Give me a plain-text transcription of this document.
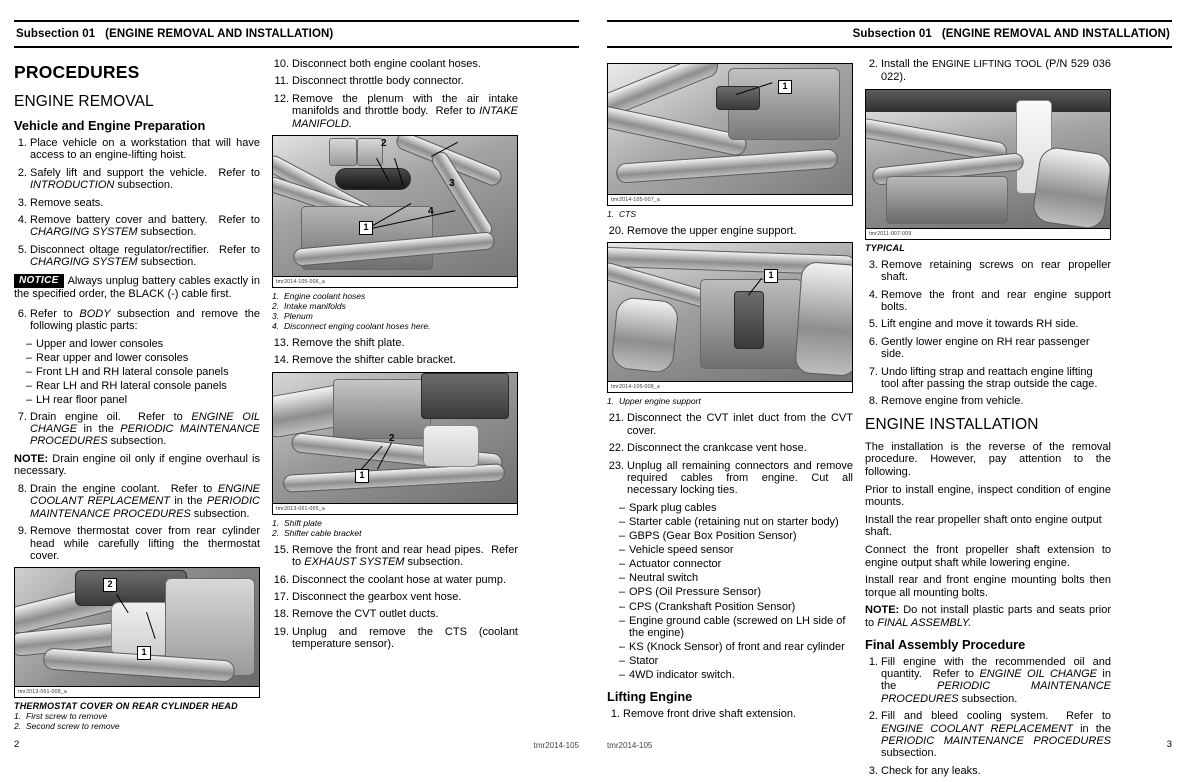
Subsection 01 (ENGINE REMOVAL AND INSTALLATION)
PROCEDURES
ENGINE REMOVAL
Vehicle and Engine Preparation
1. Place vehicle on a workstation that will have access to an engine-lifting hoist.
2. Safely lift and support the vehicle.  Refer to INTRODUCTION subsection.
3. Remove seats.
4. Remove battery cover and battery.  Refer to CHARGING SYSTEM subsection.
5. Disconnect oltage regulator/rectifier.  Refer to CHARGING SYSTEM subsection.
NOTICE Always unplug battery cables exactly in the specified order, the BLACK (-) cable first.
6. Refer to BODY subsection and remove the following plastic parts:
– Upper and lower consoles
– Rear upper and lower consoles
– Front LH and RH lateral console panels
– Rear LH and RH lateral console panels
– LH rear floor panel
7. Drain engine oil.  Refer to ENGINE OIL CHANGE in the PERIODIC MAINTENANCE PROCEDURES subsection.
NOTE: Drain engine oil only if engine overhaul is necessary.
8. Drain the engine coolant.  Refer to ENGINE COOLANT REPLACEMENT in the PERIODIC MAINTENANCE PROCEDURES subsection.
9. Remove thermostat cover from rear cylinder head while carefully lifting the thermostat cover.
2
1
tmr2013-061-008_a
THERMOSTAT COVER ON REAR CYLINDER HEAD
1. First screw to remove
2. Second screw to remove
10. Disconnect both engine coolant hoses.
11. Disconnect throttle body connector.
12. Remove the plenum with the air intake manifolds and throttle body.  Refer to INTAKE MANIFOLD.
2
3
4
1
tmr2014-105-006_a
1. Engine coolant hoses
2. Intake manifolds
3. Plenum
4. Disconnect enging coolant hoses here.
13. Remove the shift plate.
14. Remove the shifter cable bracket.
1
2
tmr2013-061-005_a
1. Shift plate
2. Shifter cable bracket
15. Remove the front and rear head pipes.  Refer to EXHAUST SYSTEM subsection.
16. Disconnect the coolant hose at water pump.
17. Disconnect the gearbox vent hose.
18. Remove the CVT outlet ducts.
19. Unplug and remove the CTS (coolant temperature sensor).
2	tmr2014-105
Subsection 01 (ENGINE REMOVAL AND INSTALLATION)
1
tmr2014-105-007_a
1. CTS
20. Remove the upper engine support.
1
tmr2014-105-008_a
1. Upper engine support
21. Disconnect the CVT inlet duct from the CVT cover.
22. Disconnect the crankcase vent hose.
23. Unplug all remaining connectors and remove required cables from engine. Cut all necessary locking ties.
– Spark plug cables
– Starter cable (retaining nut on starter body)
– GBPS (Gear Box Position Sensor)
– Vehicle speed sensor
– Actuator connector
– Neutral switch
– OPS (Oil Pressure Sensor)
– CPS (Crankshaft Position Sensor)
– Engine ground cable (screwed on LH side of the engine)
– KS (Knock Sensor) of front and rear cylinder
– Stator
– 4WD indicator switch.
Lifting Engine
1. Remove front drive shaft extension.
2. Install the ENGINE LIFTING TOOL (P/N 529 036 022).
tmr2011-007-009
TYPICAL
3. Remove retaining screws on rear propeller shaft.
4. Remove the front and rear engine support bolts.
5. Lift engine and move it towards RH side.
6. Gently lower engine on RH rear passenger side.
7. Undo lifting strap and reattach engine lifting tool after passing the strap outside the cage.
8. Remove engine from vehicle.
ENGINE INSTALLATION

The installation is the reverse of the removal procedure. However, pay attention to the following.

Prior to install engine, inspect condition of engine mounts.

Install the rear propeller shaft onto engine output shaft.

Connect the front propeller shaft extension to engine output shaft while lowering engine.

Install rear and front engine mounting bolts then torque all mounting bolts.

NOTE: Do not install plastic parts and seats prior to FINAL ASSEMBLY.
Final Assembly Procedure
1. Fill engine with the recommended oil and quantity.  Refer to ENGINE OIL CHANGE in the PERIODIC MAINTENANCE PROCEDURES subsection.
2. Fill and bleed cooling system.  Refer to ENGINE COOLANT REPLACEMENT in the PERIODIC MAINTENANCE PROCEDURES subsection.
3. Check for any leaks.
3
tmr2014-105
